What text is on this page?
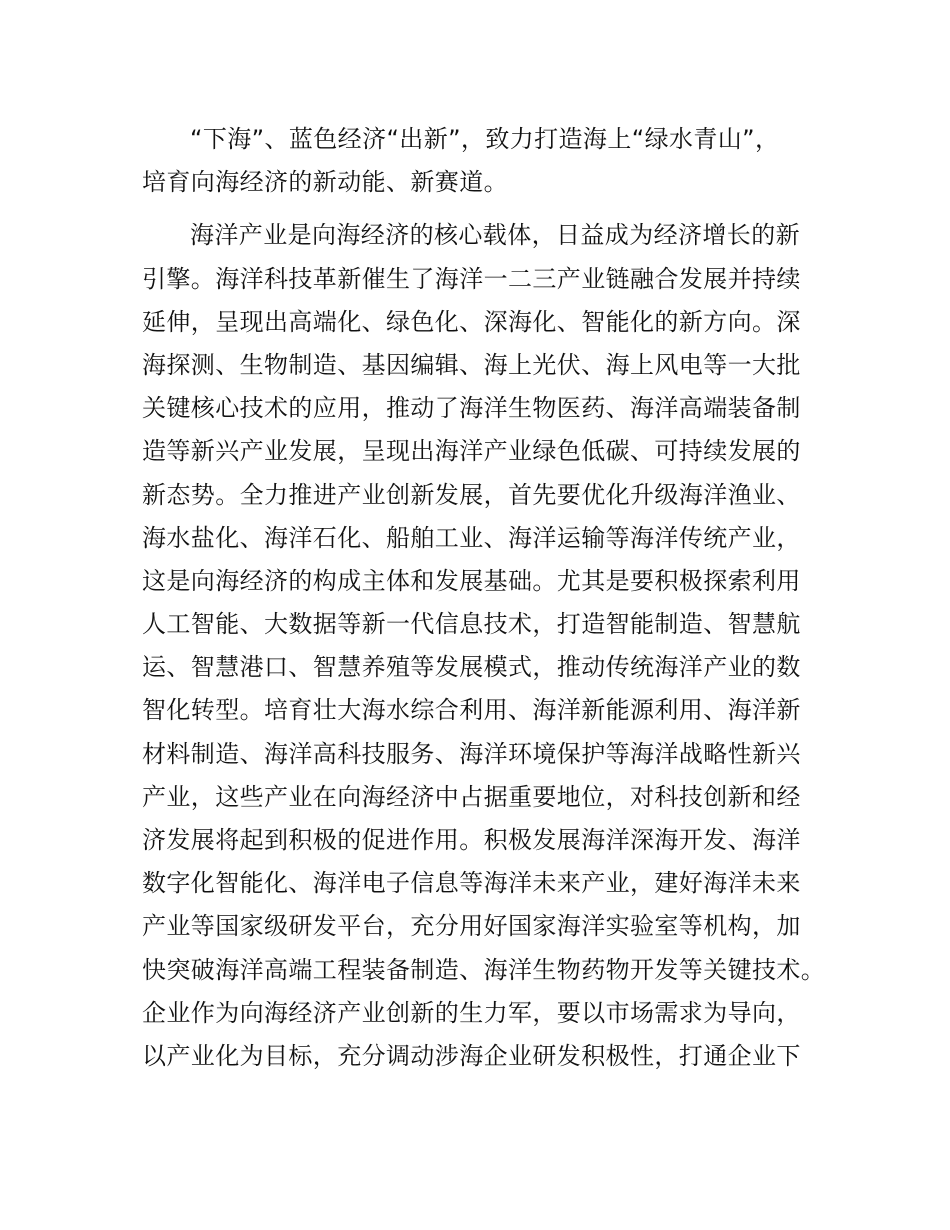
“下海”、蓝色经济“出新”，致力打造海上“绿水青山”，
培育向海经济的新动能、新赛道。
海洋产业是向海经济的核心载体，日益成为经济增长的新
引擎。海洋科技革新催生了海洋一二三产业链融合发展并持续
延伸，呈现出高端化、绿色化、深海化、智能化的新方向。深
海探测、生物制造、基因编辑、海上光伏、海上风电等一大批
关键核心技术的应用，推动了海洋生物医药、海洋高端装备制
造等新兴产业发展，呈现出海洋产业绿色低碳、可持续发展的
新态势。全力推进产业创新发展，首先要优化升级海洋渔业、
海水盐化、海洋石化、船舶工业、海洋运输等海洋传统产业，
这是向海经济的构成主体和发展基础。尤其是要积极探索利用
人工智能、大数据等新一代信息技术，打造智能制造、智慧航
运、智慧港口、智慧养殖等发展模式，推动传统海洋产业的数
智化转型。培育壮大海水综合利用、海洋新能源利用、海洋新
材料制造、海洋高科技服务、海洋环境保护等海洋战略性新兴
产业，这些产业在向海经济中占据重要地位，对科技创新和经
济发展将起到积极的促进作用。积极发展海洋深海开发、海洋
数字化智能化、海洋电子信息等海洋未来产业，建好海洋未来
产业等国家级研发平台，充分用好国家海洋实验室等机构，加
快突破海洋高端工程装备制造、海洋生物药物开发等关键技术。
企业作为向海经济产业创新的生力军，要以市场需求为导向，
以产业化为目标，充分调动涉海企业研发积极性，打通企业下
